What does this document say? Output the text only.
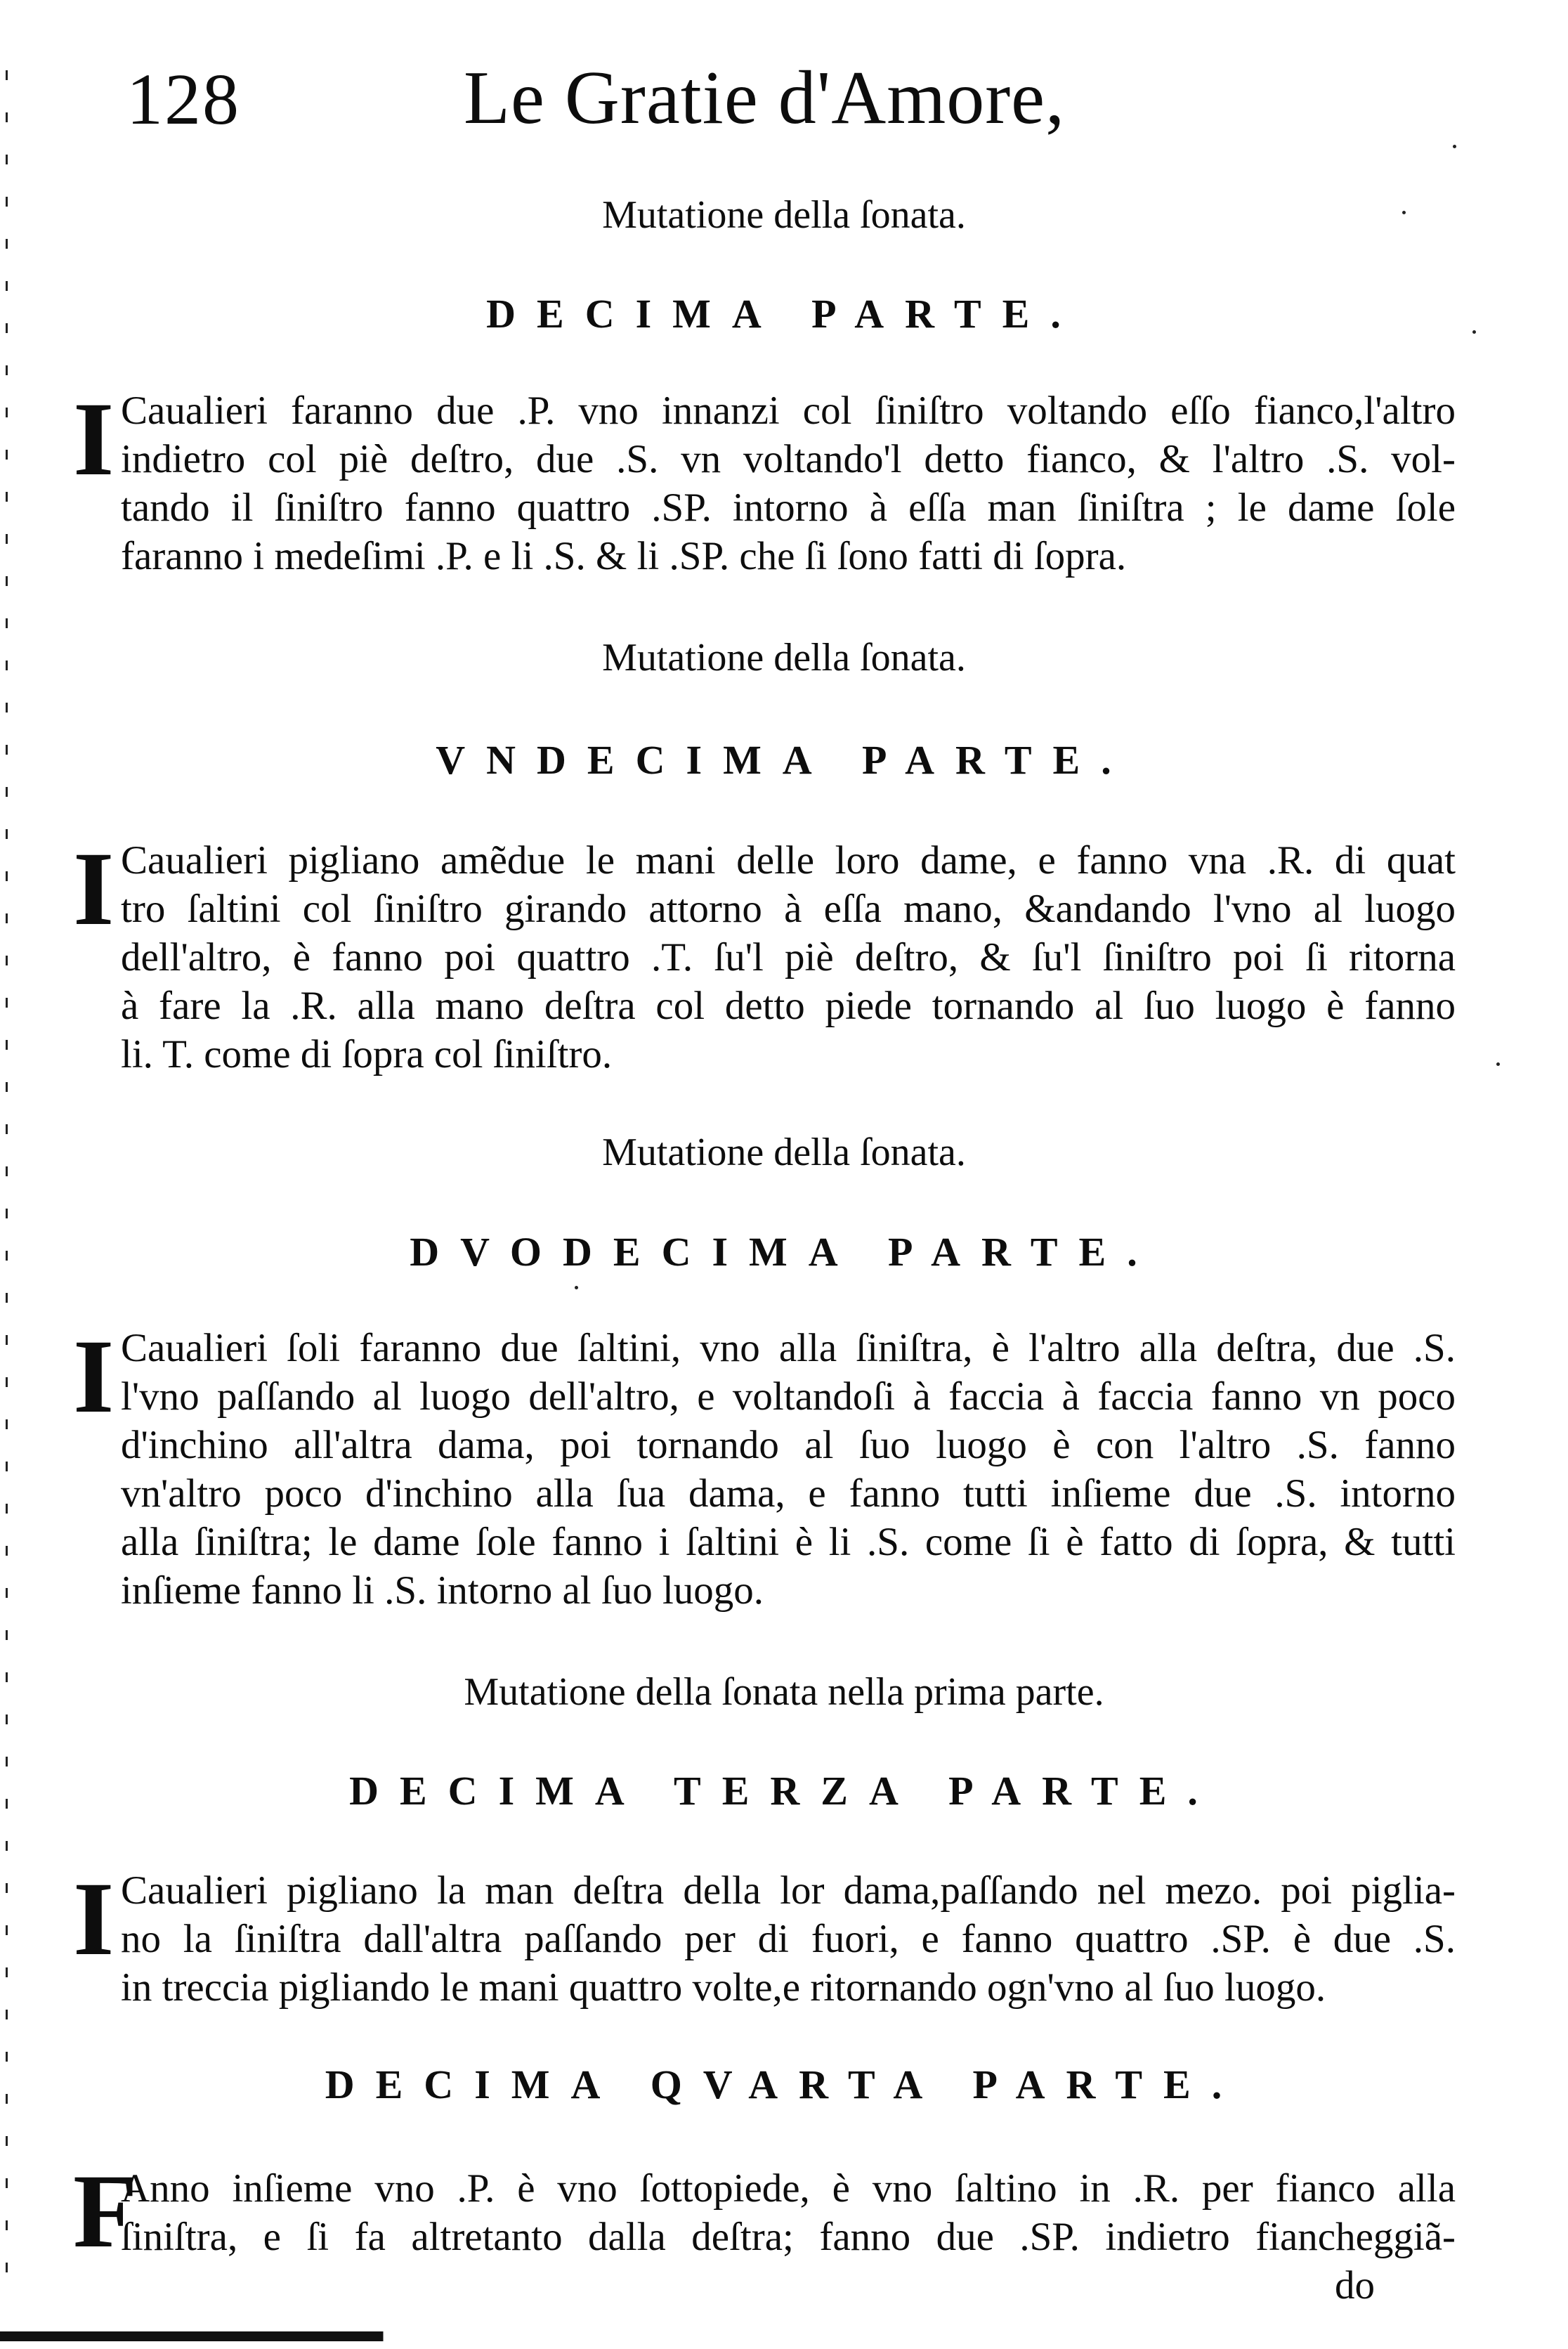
128	Le Gratie d'Amore,
Mutatione della ſonata.
DECIMA PARTE.
I Caualieri faranno due .P. vno innanzi col ſiniſtro voltando eſſo fianco,l'altro
indietro col piè deſtro, due .S. vn voltando'l detto fianco, & l'altro .S. vol-
tando il ſiniſtro fanno quattro .SP. intorno à eſſa man ſiniſtra ; le dame ſole
faranno i medeſimi .P. e li .S. & li .SP. che ſi ſono fatti di ſopra.
Mutatione della ſonata.
VNDECIMA PARTE.
I Caualieri pigliano amẽdue le mani delle loro dame, e fanno vna .R. di quat
tro ſaltini col ſiniſtro girando attorno à eſſa mano, &andando l'vno al luogo
dell'altro, è fanno poi quattro .T. ſu'l piè deſtro, & ſu'l ſiniſtro poi ſi ritorna
à fare la .R. alla mano deſtra col detto piede tornando al ſuo luogo è fanno
li. T. come di ſopra col ſiniſtro.
Mutatione della ſonata.
DVODECIMA PARTE.
I Caualieri ſoli faranno due ſaltini, vno alla ſiniſtra, è l'altro alla deſtra, due .S.
l'vno paſſando al luogo dell'altro, e voltandoſi à faccia à faccia fanno vn poco
d'inchino all'altra dama, poi tornando al ſuo luogo è con l'altro .S. fanno
vn'altro poco d'inchino alla ſua dama, e fanno tutti inſieme due .S. intorno
alla ſiniſtra; le dame ſole fanno i ſaltini è li .S. come ſi è fatto di ſopra, & tutti
inſieme fanno li .S. intorno al ſuo luogo.
Mutatione della ſonata nella prima parte.
DECIMA TERZA PARTE.
I Caualieri pigliano la man deſtra della lor dama,paſſando nel mezo. poi piglia-
no la ſiniſtra dall'altra paſſando per di fuori, e fanno quattro .SP. è due .S.
in treccia pigliando le mani quattro volte,e ritornando ogn'vno al ſuo luogo.
DECIMA QVARTA PARTE.
F
Anno inſieme vno .P. è vno ſottopiede, è vno ſaltino in .R. per fianco alla
ſiniſtra, e ſi fa altretanto dalla deſtra; fanno due .SP. indietro fiancheggiã-
do
